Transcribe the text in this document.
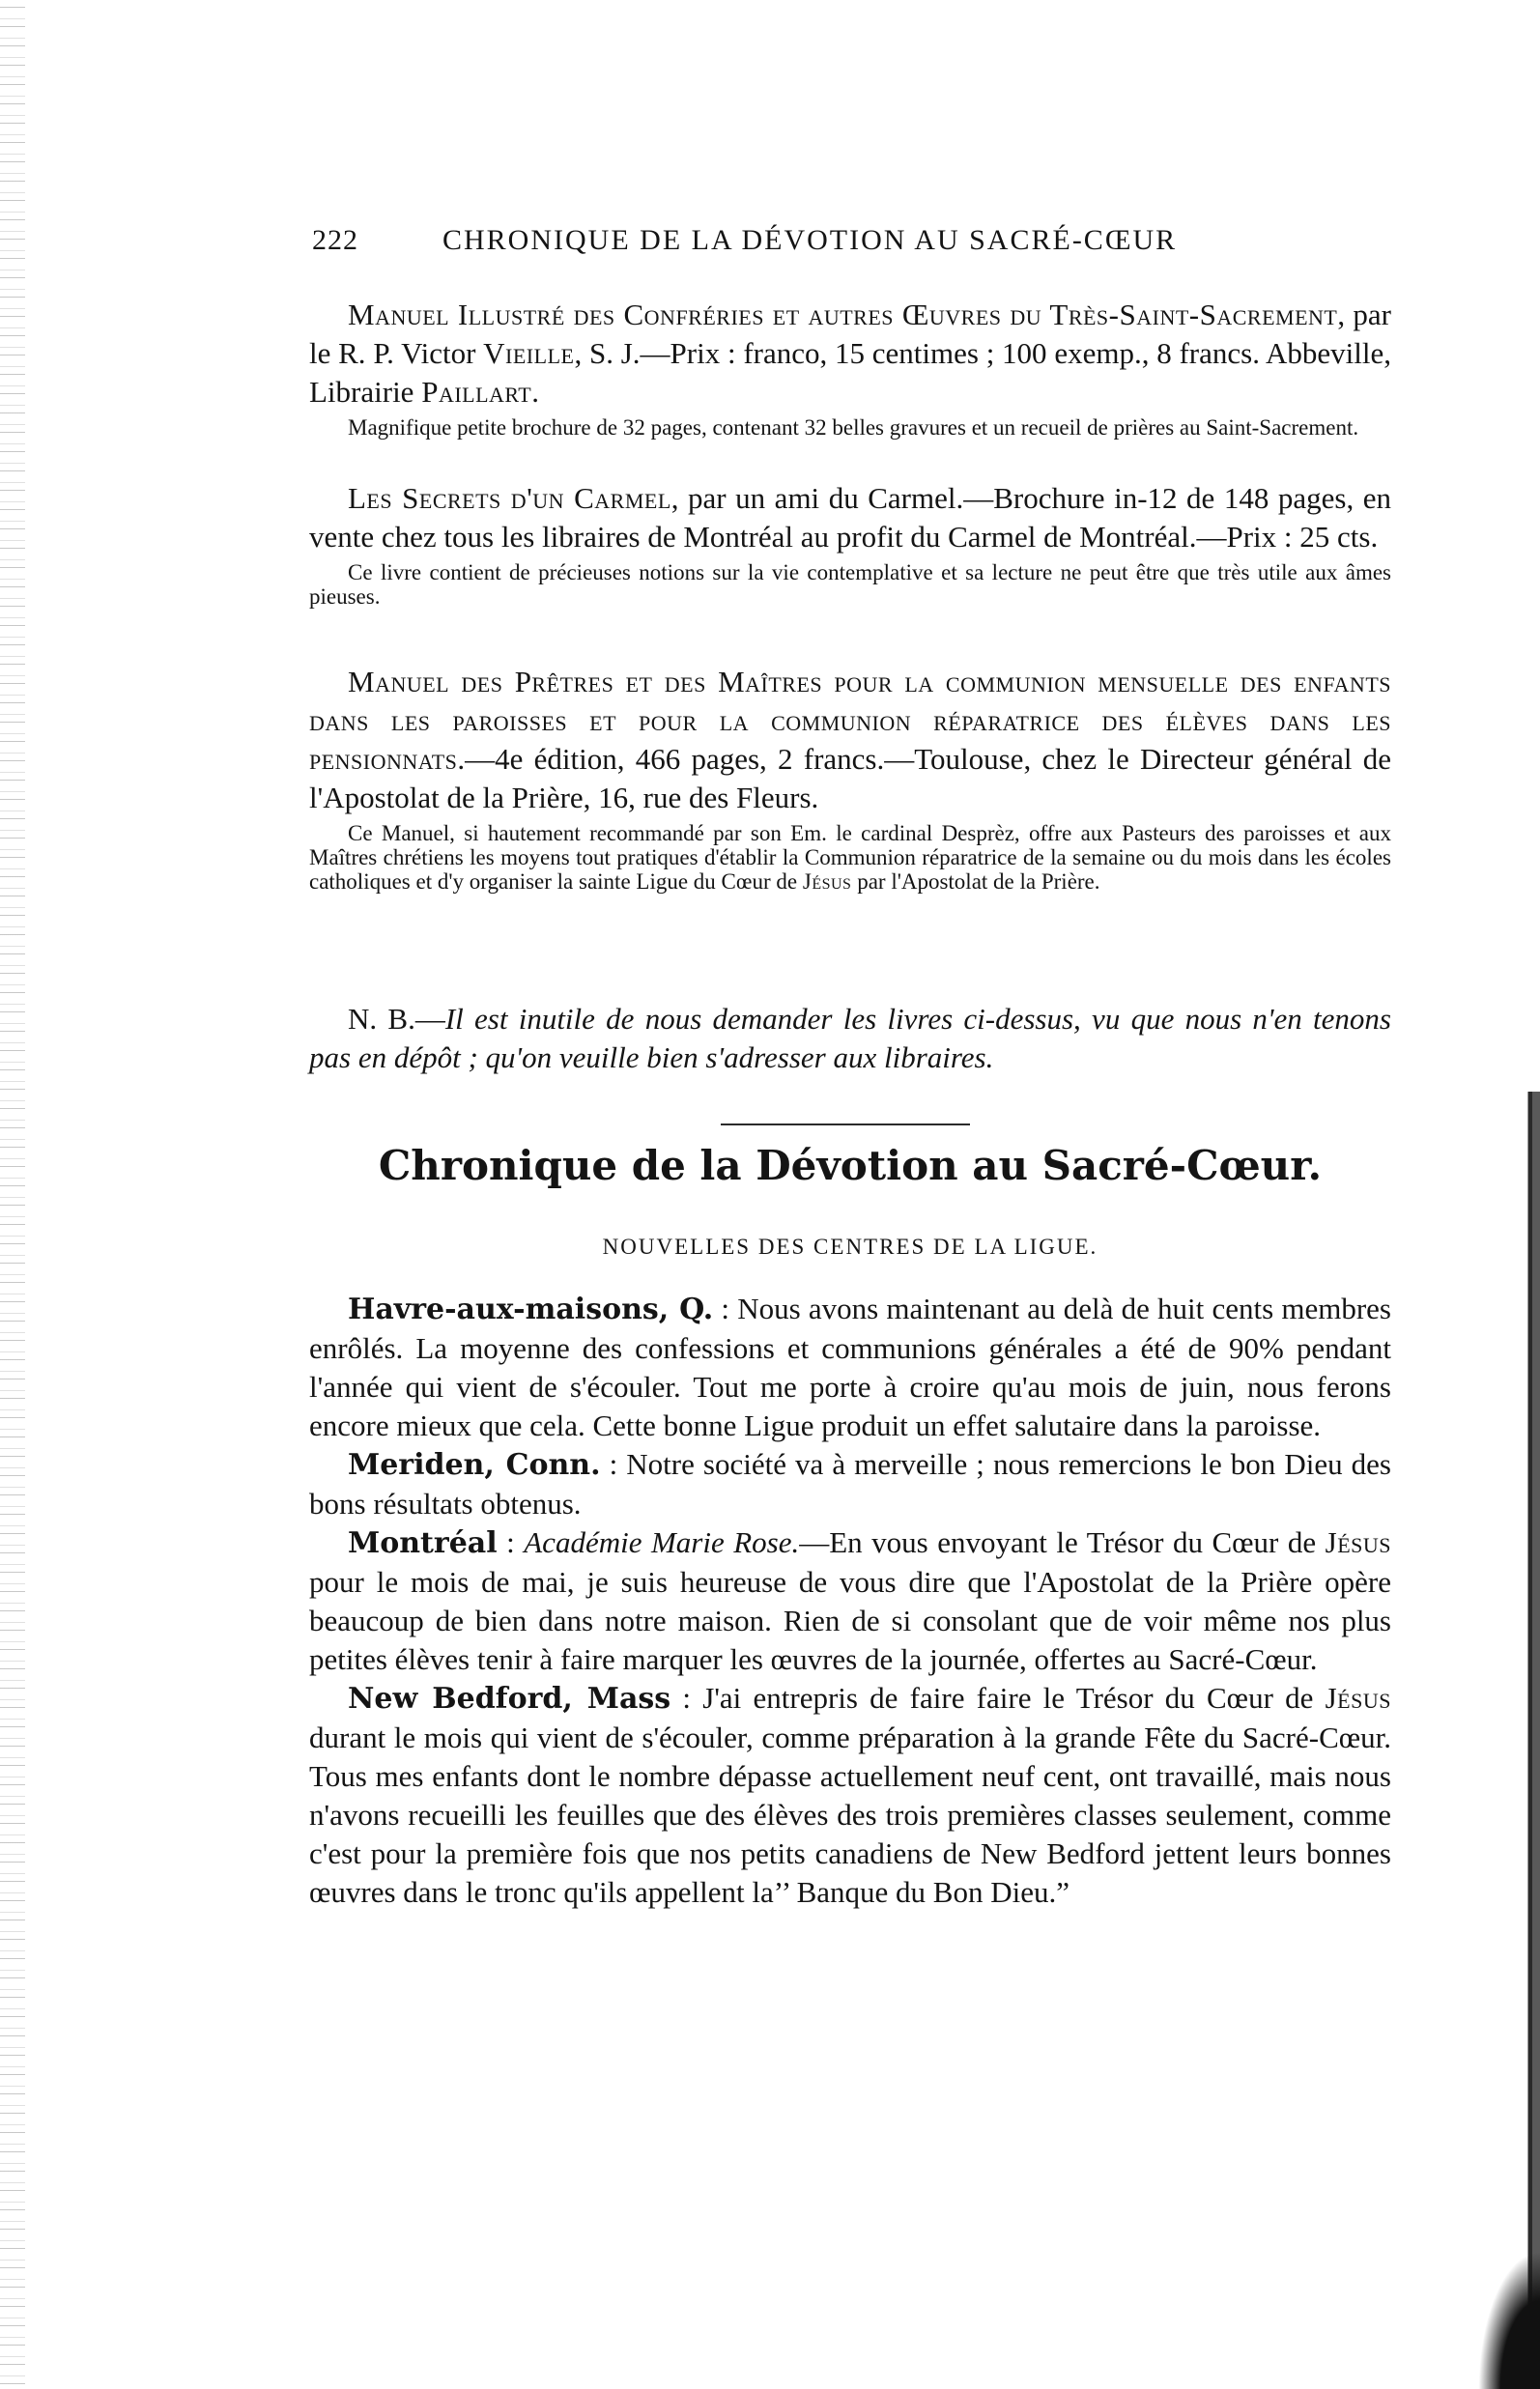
222	CHRONIQUE DE LA DÉVOTION AU SACRÉ-CŒUR

Manuel Illustré des Confréries et autres Œuvres du Très-Saint-Sacrement, par le R. P. Victor Vieille, S. J.—Prix : franco, 15 centimes ; 100 exemp., 8 francs. Abbeville, Librairie Paillart.

Magnifique petite brochure de 32 pages, contenant 32 belles gravures et un recueil de prières au Saint-Sacrement.

Les Secrets d'un Carmel, par un ami du Carmel.—Brochure in-12 de 148 pages, en vente chez tous les libraires de Montréal au profit du Carmel de Montréal.—Prix : 25 cts.

Ce livre contient de précieuses notions sur la vie contemplative et sa lecture ne peut être que très utile aux âmes pieuses.

Manuel des Prêtres et des Maîtres pour la communion mensuelle des enfants dans les paroisses et pour la communion réparatrice des élèves dans les pensionnats.—4e édition, 466 pages, 2 francs.—Toulouse, chez le Directeur général de l'Apostolat de la Prière, 16, rue des Fleurs.

Ce Manuel, si hautement recommandé par son Em. le cardinal Desprèz, offre aux Pasteurs des paroisses et aux Maîtres chrétiens les moyens tout pratiques d'établir la Communion réparatrice de la semaine ou du mois dans les écoles catholiques et d'y organiser la sainte Ligue du Cœur de Jésus par l'Apostolat de la Prière.

N. B.—Il est inutile de nous demander les livres ci-dessus, vu que nous n'en tenons pas en dépôt ; qu'on veuille bien s'adresser aux libraires.

Chronique de la Dévotion au Sacré-Cœur.
NOUVELLES DES CENTRES DE LA LIGUE.

Havre-aux-maisons, Q. : Nous avons maintenant au delà de huit cents membres enrôlés. La moyenne des confessions et communions générales a été de 90% pendant l'année qui vient de s'écouler. Tout me porte à croire qu'au mois de juin, nous ferons encore mieux que cela. Cette bonne Ligue produit un effet salutaire dans la paroisse.

Meriden, Conn. : Notre société va à merveille ; nous remercions le bon Dieu des bons résultats obtenus.

Montréal : Académie Marie Rose.—En vous envoyant le Trésor du Cœur de Jésus pour le mois de mai, je suis heureuse de vous dire que l'Apostolat de la Prière opère beaucoup de bien dans notre maison. Rien de si consolant que de voir même nos plus petites élèves tenir à faire marquer les œuvres de la journée, offertes au Sacré-Cœur.

New Bedford, Mass : J'ai entrepris de faire faire le Trésor du Cœur de Jésus durant le mois qui vient de s'écouler, comme préparation à la grande Fête du Sacré-Cœur. Tous mes enfants dont le nombre dépasse actuellement neuf cent, ont travaillé, mais nous n'avons recueilli les feuilles que des élèves des trois premières classes seulement, comme c'est pour la première fois que nos petits canadiens de New Bedford jettent leurs bonnes œuvres dans le tronc qu'ils appellent la’’ Banque du Bon Dieu.”
